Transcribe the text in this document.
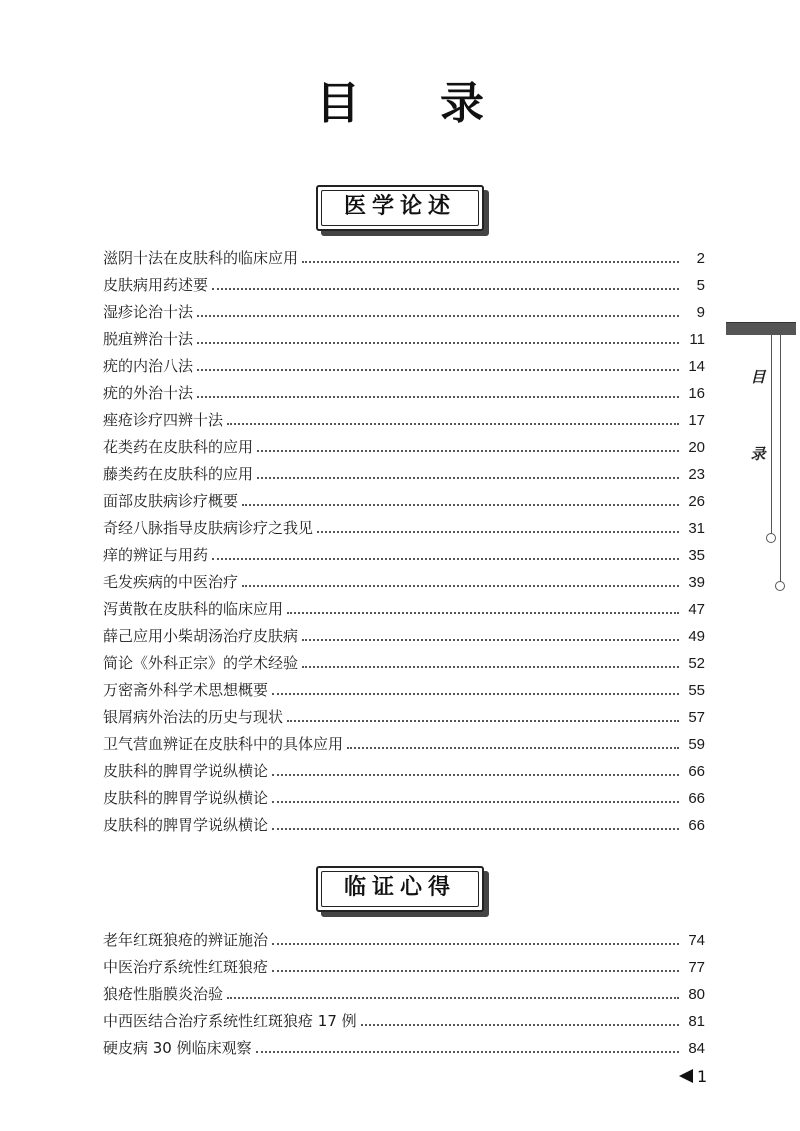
目 录
医学论述
滋阴十法在皮肤科的临床应用	2
皮肤病用药述要	5
湿疹论治十法	9
脱疽辨治十法	11
疣的内治八法	14
疣的外治十法	16
痤疮诊疗四辨十法	17
花类药在皮肤科的应用	20
藤类药在皮肤科的应用	23
面部皮肤病诊疗概要	26
奇经八脉指导皮肤病诊疗之我见	31
痒的辨证与用药	35
毛发疾病的中医治疗	39
泻黄散在皮肤科的临床应用	47
薛己应用小柴胡汤治疗皮肤病	49
简论《外科正宗》的学术经验	52
万密斋外科学术思想概要	55
银屑病外治法的历史与现状	57
卫气营血辨证在皮肤科中的具体应用	59
皮肤科的脾胃学说纵横论	66
皮肤科的脾胃学说纵横论	66
皮肤科的脾胃学说纵横论	66
临证心得
老年红斑狼疮的辨证施治	74
中医治疗系统性红斑狼疮	77
狼疮性脂膜炎治验	80
中西医结合治疗系统性红斑狼疮 17 例	81
硬皮病 30 例临床观察	84
目
录
1
